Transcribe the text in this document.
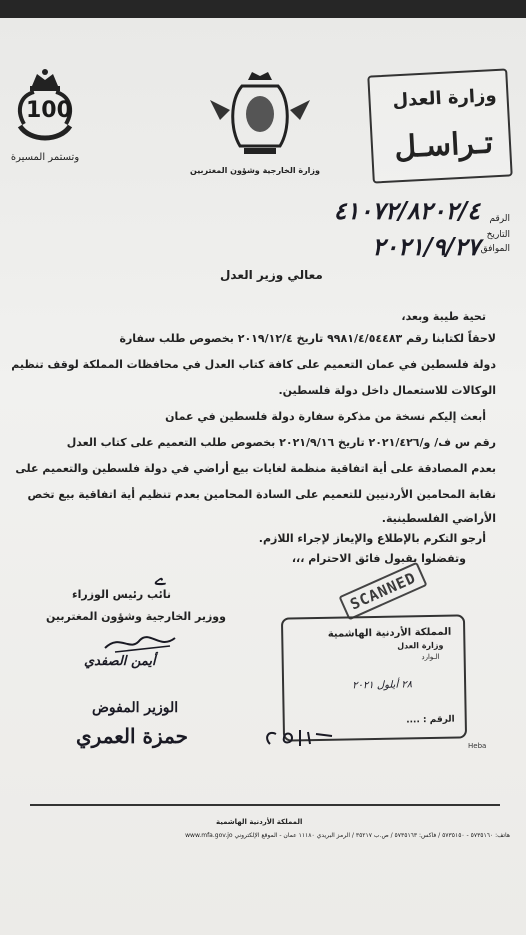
100
وتستمر المسيرة
وزارة الخارجية وشؤون المغتربين
وزارة العدل
تـراسـل
الرقم
٤١٠٧٢/٨٢٠٢/٤
التاريخ
الموافق
٢٠٢١/٩/٢٧
معالي وزير العدل
تحية طيبة وبعد،
لاحقاً لكتابنا رقم ٩٩٨١/٤/٥٤٤٨٣ تاريخ ٢٠١٩/١٢/٤ بخصوص طلب سفارة
دولة فلسطين في عمان التعميم على كافة كتاب العدل في محافظات المملكة لوقف تنظيم
الوكالات للاستعمال داخل دولة فلسطين.
أبعث إليكم نسخة من مذكرة سفارة دولة فلسطين في عمان
رقم س ف/ و/٢٠٢١/٤٢٦ تاريخ ٢٠٢١/٩/١٦ بخصوص طلب التعميم على كتاب العدل
بعدم المصادقة على أية اتفاقية منظمة لغايات بيع أراضي في دولة فلسطين والتعميم على
نقابة المحامين الأردنيين للتعميم على السادة المحامين بعدم تنظيم أية اتفاقية بيع تخص
الأراضي الفلسطينية.
أرجو التكرم بالإطلاع والإيعاز لإجراء اللازم.
وتفضلوا بقبول فائق الاحترام ،،،
ے
نائب رئيس الوزراء
ووزير الخارجية وشؤون المغتربين
أيمن الصفدي
الوزير المفوض
حمزة العمري
SCANNED
المملكة الأردنية الهاشمية
وزارة العدل
الـوارد
٢٨ أيلول ٢٠٢١
الرقم : ....
Heba
المملكة الأردنية الهاشمية
هاتف: ٥٧٣٥١٦٠ - ٥٧٣٥١٥٠ / فاكس: ٥٧٣٥١٦٣ / ص.ب ٣٥٢١٧ / الرمز البريدي ١١١٨٠ عمان - الموقع الإلكتروني www.mfa.gov.jo
